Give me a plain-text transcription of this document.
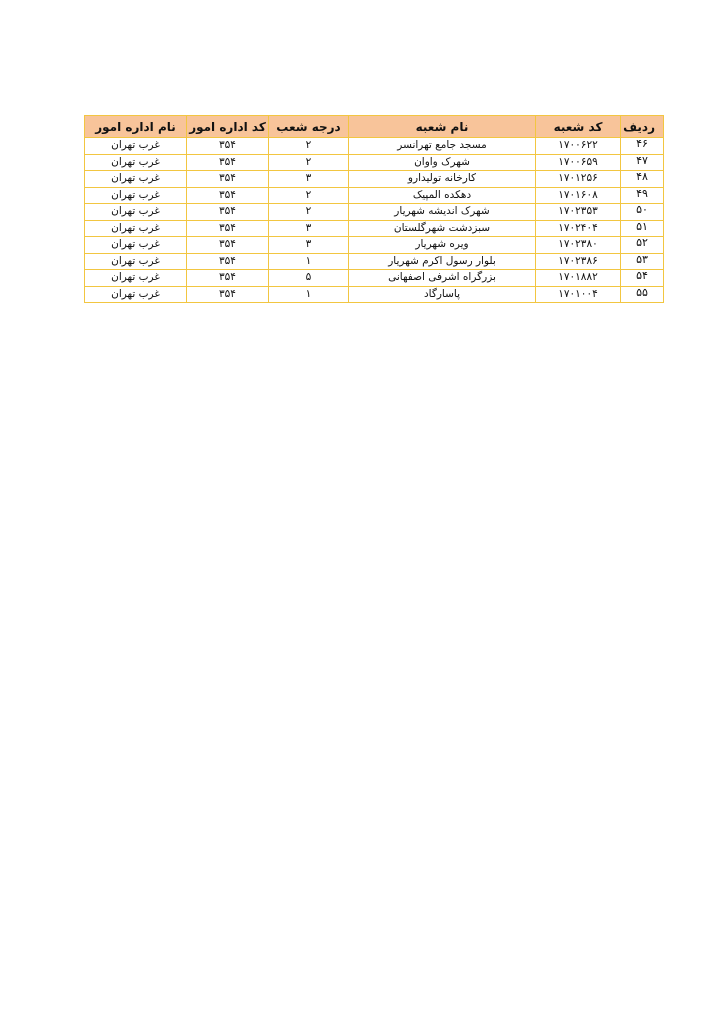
ردیف	کد شعبه	نام شعبه	درجه شعب	کد اداره امور	نام اداره امور
۴۶	۱۷۰۰۶۲۲	مسجد جامع تهرانسر	۲	۳۵۴	غرب تهران
۴۷	۱۷۰۰۶۵۹	شهرک واوان	۲	۳۵۴	غرب تهران
۴۸	۱۷۰۱۲۵۶	کارخانه تولیدارو	۳	۳۵۴	غرب تهران
۴۹	۱۷۰۱۶۰۸	دهکده المپیک	۲	۳۵۴	غرب تهران
۵۰	۱۷۰۲۳۵۳	شهرک اندیشه شهریار	۲	۳۵۴	غرب تهران
۵۱	۱۷۰۲۴۰۴	سبزدشت شهرگلستان	۳	۳۵۴	غرب تهران
۵۲	۱۷۰۲۳۸۰	ویره شهریار	۳	۳۵۴	غرب تهران
۵۳	۱۷۰۲۳۸۶	بلوار رسول اکرم شهریار	۱	۳۵۴	غرب تهران
۵۴	۱۷۰۱۸۸۲	بزرگراه اشرفی اصفهانی	۵	۳۵۴	غرب تهران
۵۵	۱۷۰۱۰۰۴	پاسارگاد	۱	۳۵۴	غرب تهران
